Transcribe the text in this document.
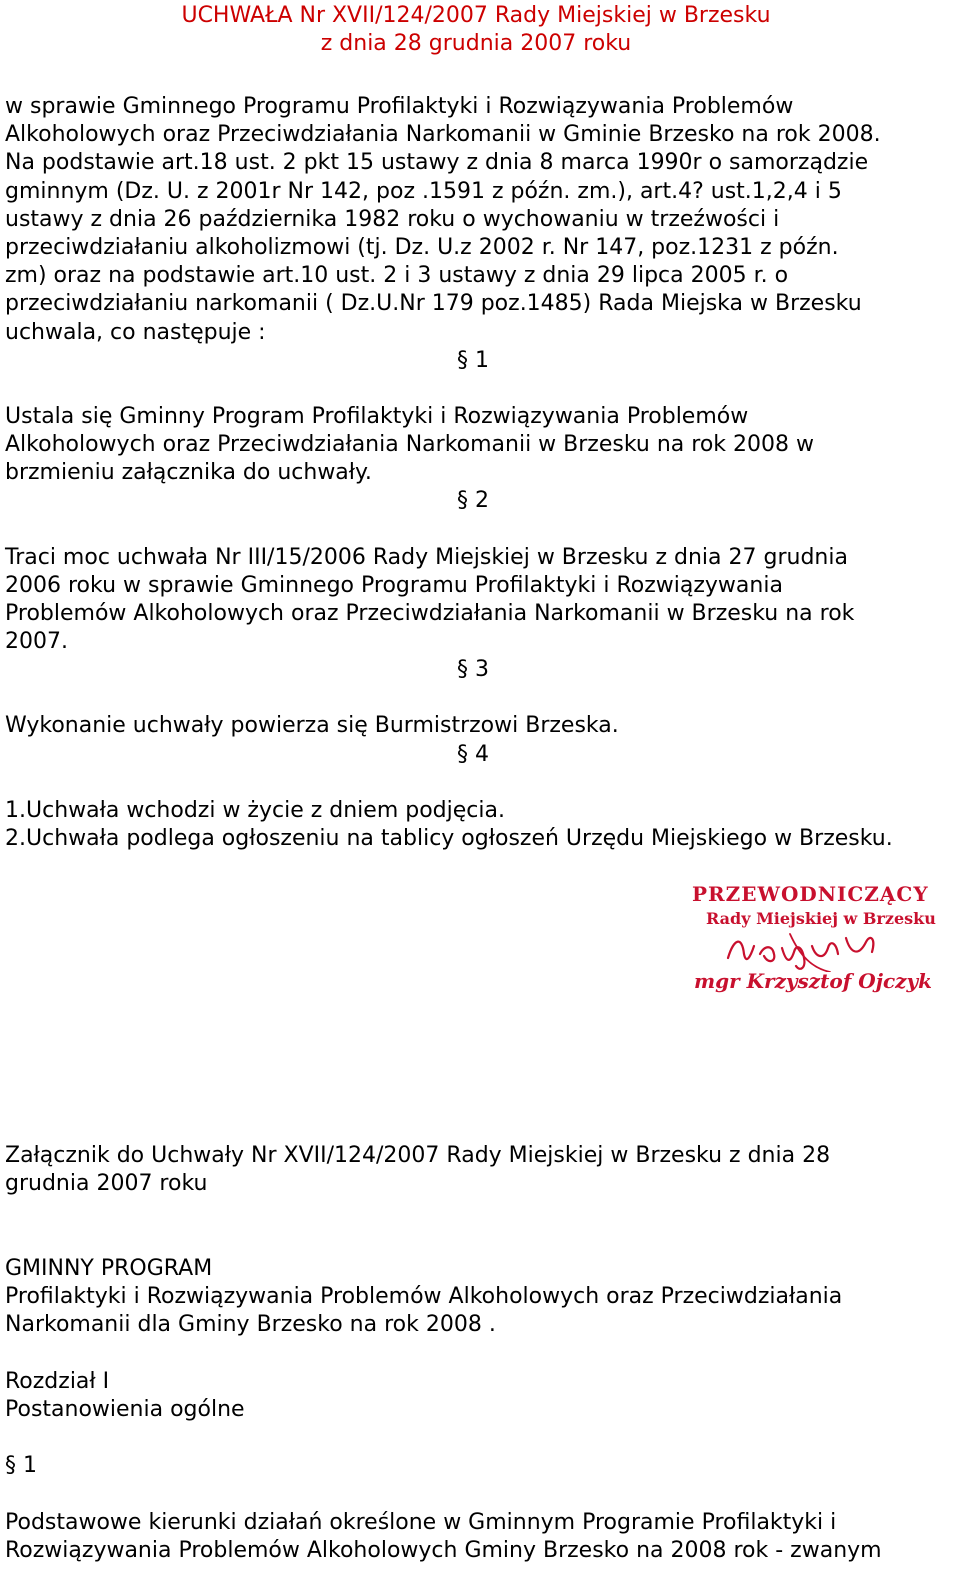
UCHWAŁA Nr XVII/124/2007 Rady Miejskiej w Brzesku
z dnia 28 grudnia 2007 roku
w sprawie Gminnego Programu Profilaktyki i Rozwiązywania Problemów
Alkoholowych oraz Przeciwdziałania Narkomanii w Gminie Brzesko na rok 2008.
Na podstawie art.18 ust. 2 pkt 15 ustawy z dnia 8 marca 1990r o samorządzie
gminnym (Dz. U. z 2001r Nr 142, poz .1591 z późn. zm.), art.4? ust.1,2,4 i 5
ustawy z dnia 26 października 1982 roku o wychowaniu w trzeźwości i
przeciwdziałaniu alkoholizmowi (tj. Dz. U.z 2002 r. Nr 147, poz.1231 z późn.
zm) oraz na podstawie art.10 ust. 2 i 3 ustawy z dnia 29 lipca 2005 r. o
przeciwdziałaniu narkomanii ( Dz.U.Nr 179 poz.1485) Rada Miejska w Brzesku
uchwala, co następuje :
§ 1
Ustala się Gminny Program Profilaktyki i Rozwiązywania Problemów
Alkoholowych oraz Przeciwdziałania Narkomanii w Brzesku na rok 2008 w
brzmieniu załącznika do uchwały.
§ 2
Traci moc uchwała Nr III/15/2006 Rady Miejskiej w Brzesku z dnia 27 grudnia
2006 roku w sprawie Gminnego Programu Profilaktyki i Rozwiązywania
Problemów Alkoholowych oraz Przeciwdziałania Narkomanii w Brzesku na rok
2007.
§ 3
Wykonanie uchwały powierza się Burmistrzowi Brzeska.
§ 4
1.Uchwała wchodzi w życie z dniem podjęcia.
2.Uchwała podlega ogłoszeniu na tablicy ogłoszeń Urzędu Miejskiego w Brzesku.
PRZEWODNICZĄCY
Rady Miejskiej w Brzesku
mgr Krzysztof Ojczyk
Załącznik do Uchwały Nr XVII/124/2007 Rady Miejskiej w Brzesku z dnia 28
grudnia 2007 roku
GMINNY PROGRAM
Profilaktyki i Rozwiązywania Problemów Alkoholowych oraz Przeciwdziałania
Narkomanii dla Gminy Brzesko na rok 2008 .
Rozdział I
Postanowienia ogólne
§ 1
Podstawowe kierunki działań określone w Gminnym Programie Profilaktyki i
Rozwiązywania Problemów Alkoholowych Gminy Brzesko na 2008 rok - zwanym
